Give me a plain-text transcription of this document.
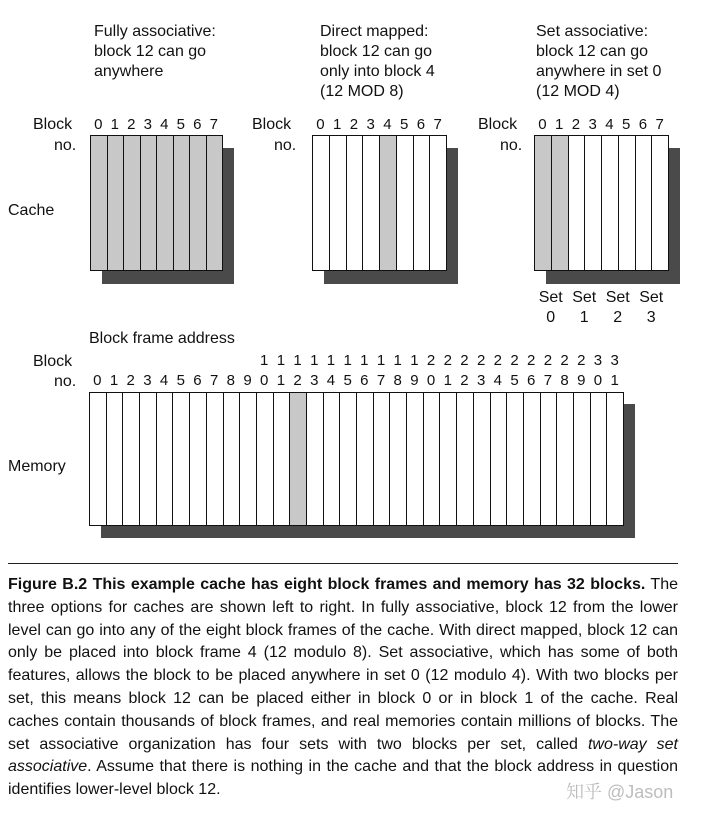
Fully associative:
block 12 can go
anywhere
Direct mapped:
block 12 can go
only into block 4
(12 MOD 8)
Set associative:
block 12 can go
anywhere in set 0
(12 MOD 4)
Block
no.
Block
no.
Block
no.
Cache
0 1 2 3 4 5 6 7	0 1 2 3 4 5 6 7	0 1 2 3 4 5 6 7
Set
0
Set
1
Set
2
Set
3
Block frame address
Block
no.
Memory
1 1 1 1 1 1 1 1 1 1 2 2 2 2 2 2 2 2 2 2 3 3
0 1 2 3 4 5 6 7 8 9 0 1 2 3 4 5 6 7 8 9 0 1 2 3 4 5 6 7 8 9 0 1
Figure B.2 This example cache has eight block frames and memory has 32 blocks. The three options for caches are shown left to right. In fully associative, block 12 from the lower level can go into any of the eight block frames of the cache. With direct mapped, block 12 can only be placed into block frame 4 (12 modulo 8). Set associative, which has some of both features, allows the block to be placed anywhere in set 0 (12 modulo 4). With two blocks per set, this means block 12 can be placed either in block 0 or in block 1 of the cache. Real caches contain thousands of block frames, and real memories contain millions of blocks. The set associative organization has four sets with two blocks per set, called two-way set associative. Assume that there is nothing in the cache and that the block address in question identifies lower-level block 12.	知乎 @Jason
